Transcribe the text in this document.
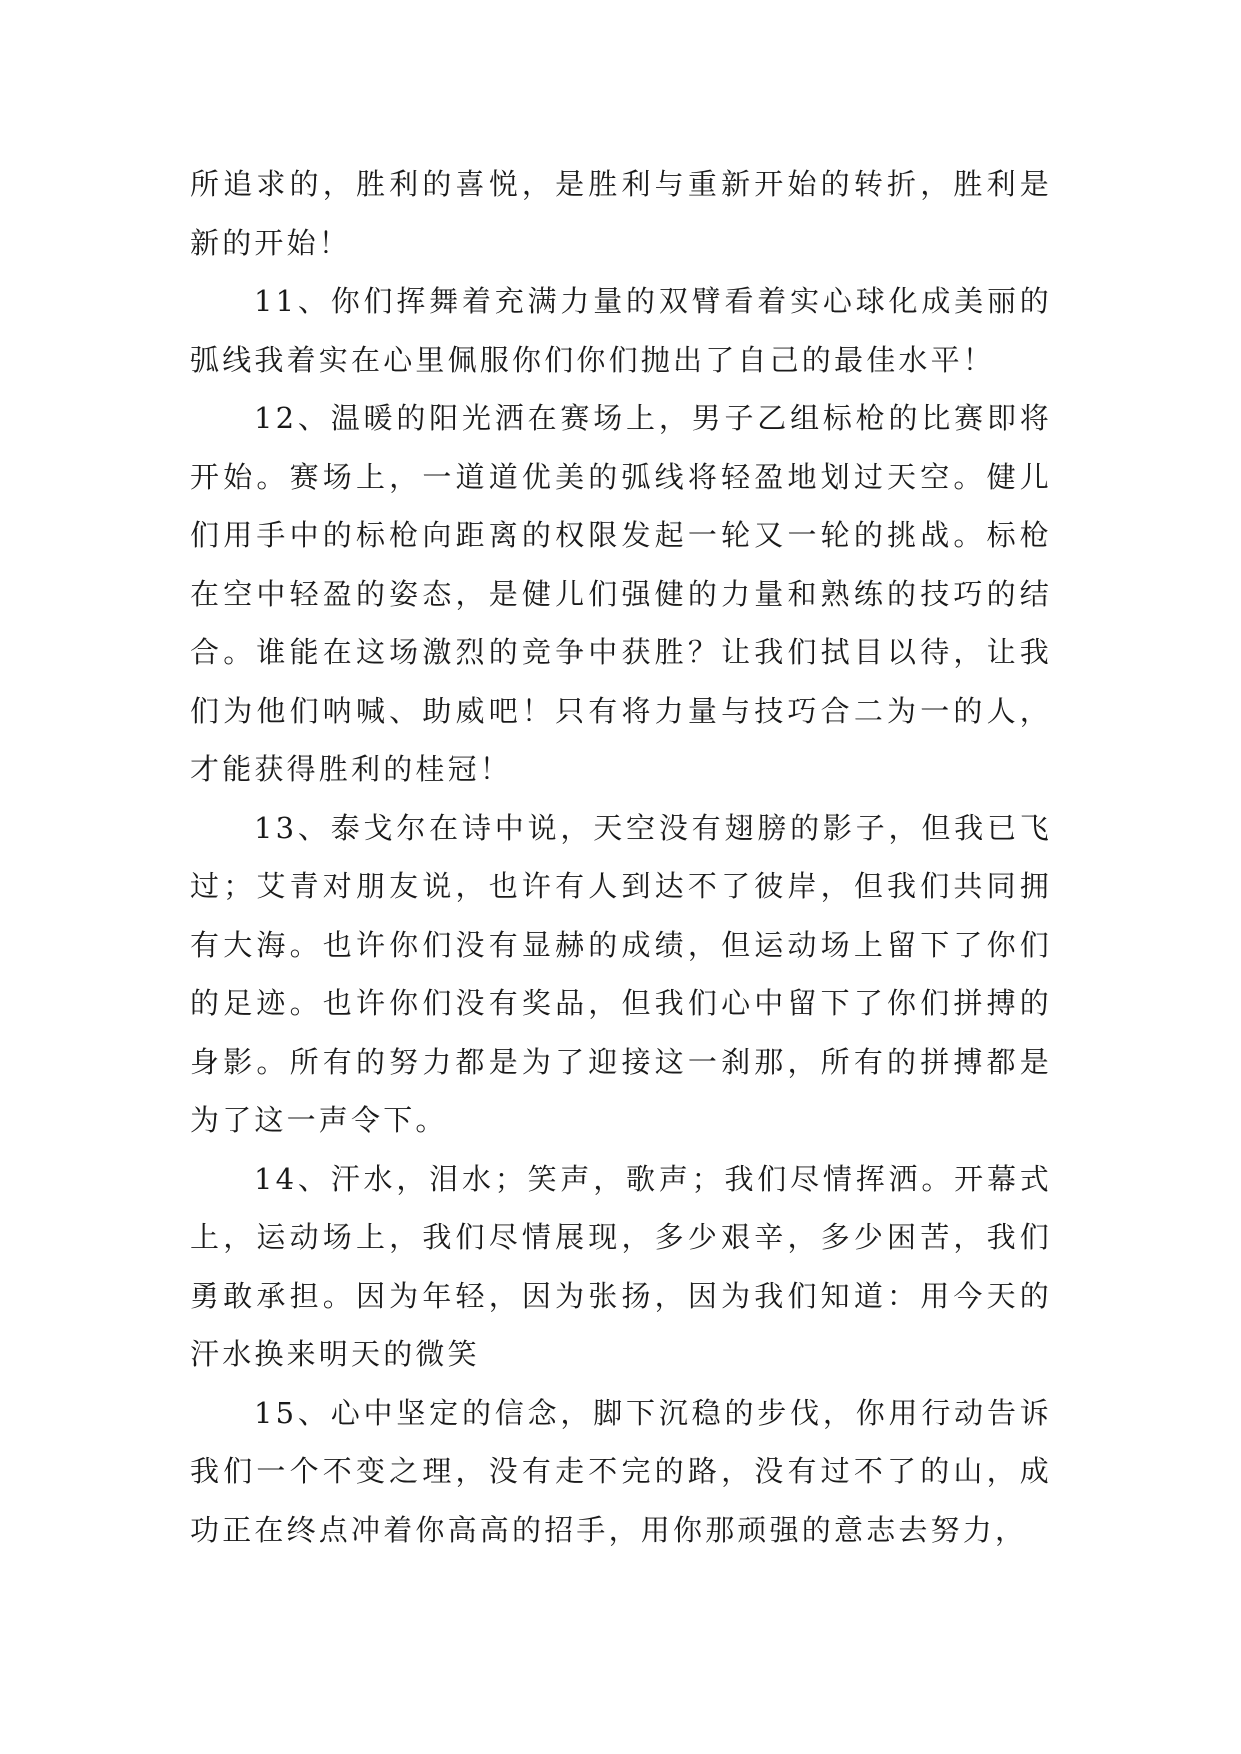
所追求的，胜利的喜悦，是胜利与重新开始的转折，胜利是新的开始！

11、你们挥舞着充满力量的双臂看着实心球化成美丽的弧线我着实在心里佩服你们你们抛出了自己的最佳水平！

12、温暖的阳光洒在赛场上，男子乙组标枪的比赛即将开始。赛场上，一道道优美的弧线将轻盈地划过天空。健儿们用手中的标枪向距离的权限发起一轮又一轮的挑战。标枪在空中轻盈的姿态，是健儿们强健的力量和熟练的技巧的结合。谁能在这场激烈的竞争中获胜？让我们拭目以待，让我们为他们呐喊、助威吧！只有将力量与技巧合二为一的人，才能获得胜利的桂冠！

13、泰戈尔在诗中说，天空没有翅膀的影子，但我已飞过；艾青对朋友说，也许有人到达不了彼岸，但我们共同拥有大海。也许你们没有显赫的成绩，但运动场上留下了你们的足迹。也许你们没有奖品，但我们心中留下了你们拼搏的身影。所有的努力都是为了迎接这一刹那，所有的拼搏都是为了这一声令下。

14、汗水，泪水；笑声，歌声；我们尽情挥洒。开幕式上，运动场上，我们尽情展现，多少艰辛，多少困苦，我们勇敢承担。因为年轻，因为张扬，因为我们知道：用今天的汗水换来明天的微笑

15、心中坚定的信念，脚下沉稳的步伐，你用行动告诉我们一个不变之理，没有走不完的路，没有过不了的山，成功正在终点冲着你高高的招手，用你那顽强的意志去努力，
